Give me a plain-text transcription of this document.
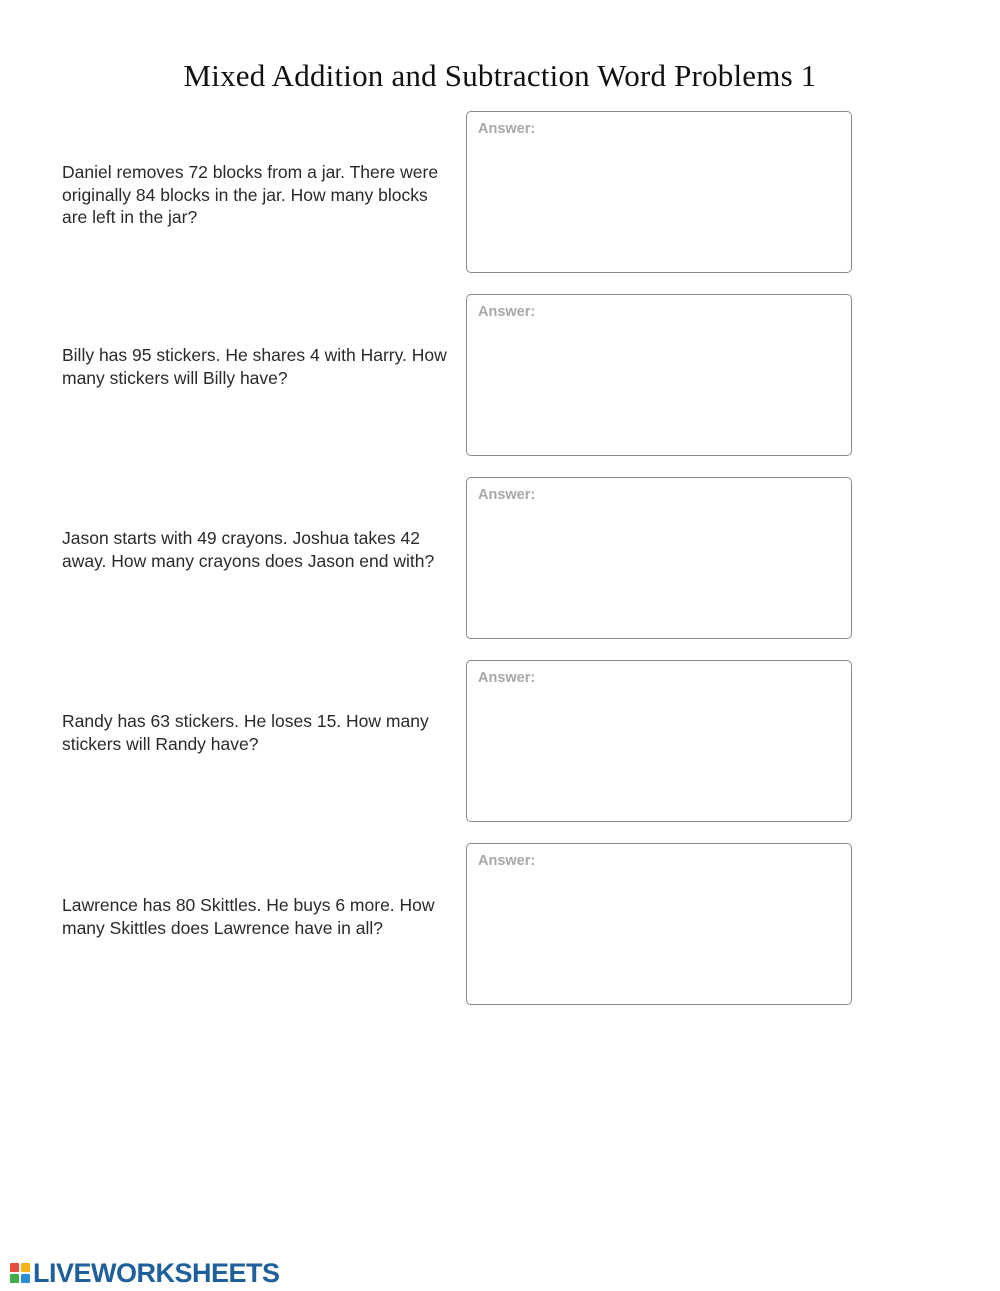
Mixed Addition and Subtraction Word Problems 1
Daniel removes 72 blocks from a jar. There were originally 84 blocks in the jar. How many blocks are left in the jar?
Answer:
Billy has 95 stickers. He shares 4 with Harry. How many stickers will Billy have?
Answer:
Jason starts with 49 crayons. Joshua takes 42 away. How many crayons does Jason end with?
Answer:
Randy has 63 stickers. He loses 15. How many stickers will Randy have?
Answer:
Lawrence has 80 Skittles. He buys 6 more. How many Skittles does Lawrence have in all?
Answer:
LIVEWORKSHEETS
